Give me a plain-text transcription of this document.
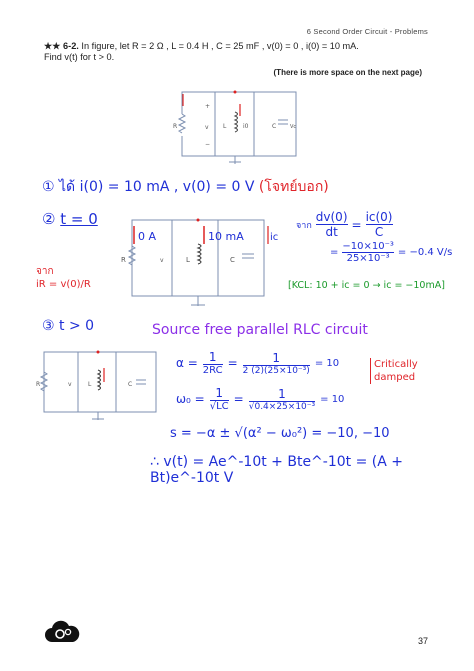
6 Second Order Circuit - Problems
★★ 6-2. In figure, let R = 2 Ω , L = 0.4 H , C = 25 mF , v(0) = 0 , i(0) = 10 mA.
Find v(t) for t > 0.
(There is more space on the next page)
R	L	i0	C	Vc
+
v
−
① ได้ i(0) = 10 mA , v(0) = 0 V (โจทย์บอก)
② t = 0
จาก
iR = v(0)/R
0 A	10 mA	ic
R	L	C
v
จาก $\frac{dv(0)}{dt} = \frac{ic(0)}{C}$
= $\frac{\text{−10×10⁻³}}{\text{25×10⁻³}} = -0.4$ V/s
[KCL: 10 + ic = 0 → ic = −10mA]
③ t > 0	Source free parallel RLC circuit
R	L	C
v
α = 1
2RC
=	1
2 (2)(25×10⁻³)
= 10	Critically
damped
ω₀ = 1
√LC
=	1
√0.4×25×10⁻³
= 10
s = −α ± √(α² − ω₀²) = −10, −10
∴ v(t) = Ae^-10t + Bte^-10t = (A + Bt)e^-10t V
37
